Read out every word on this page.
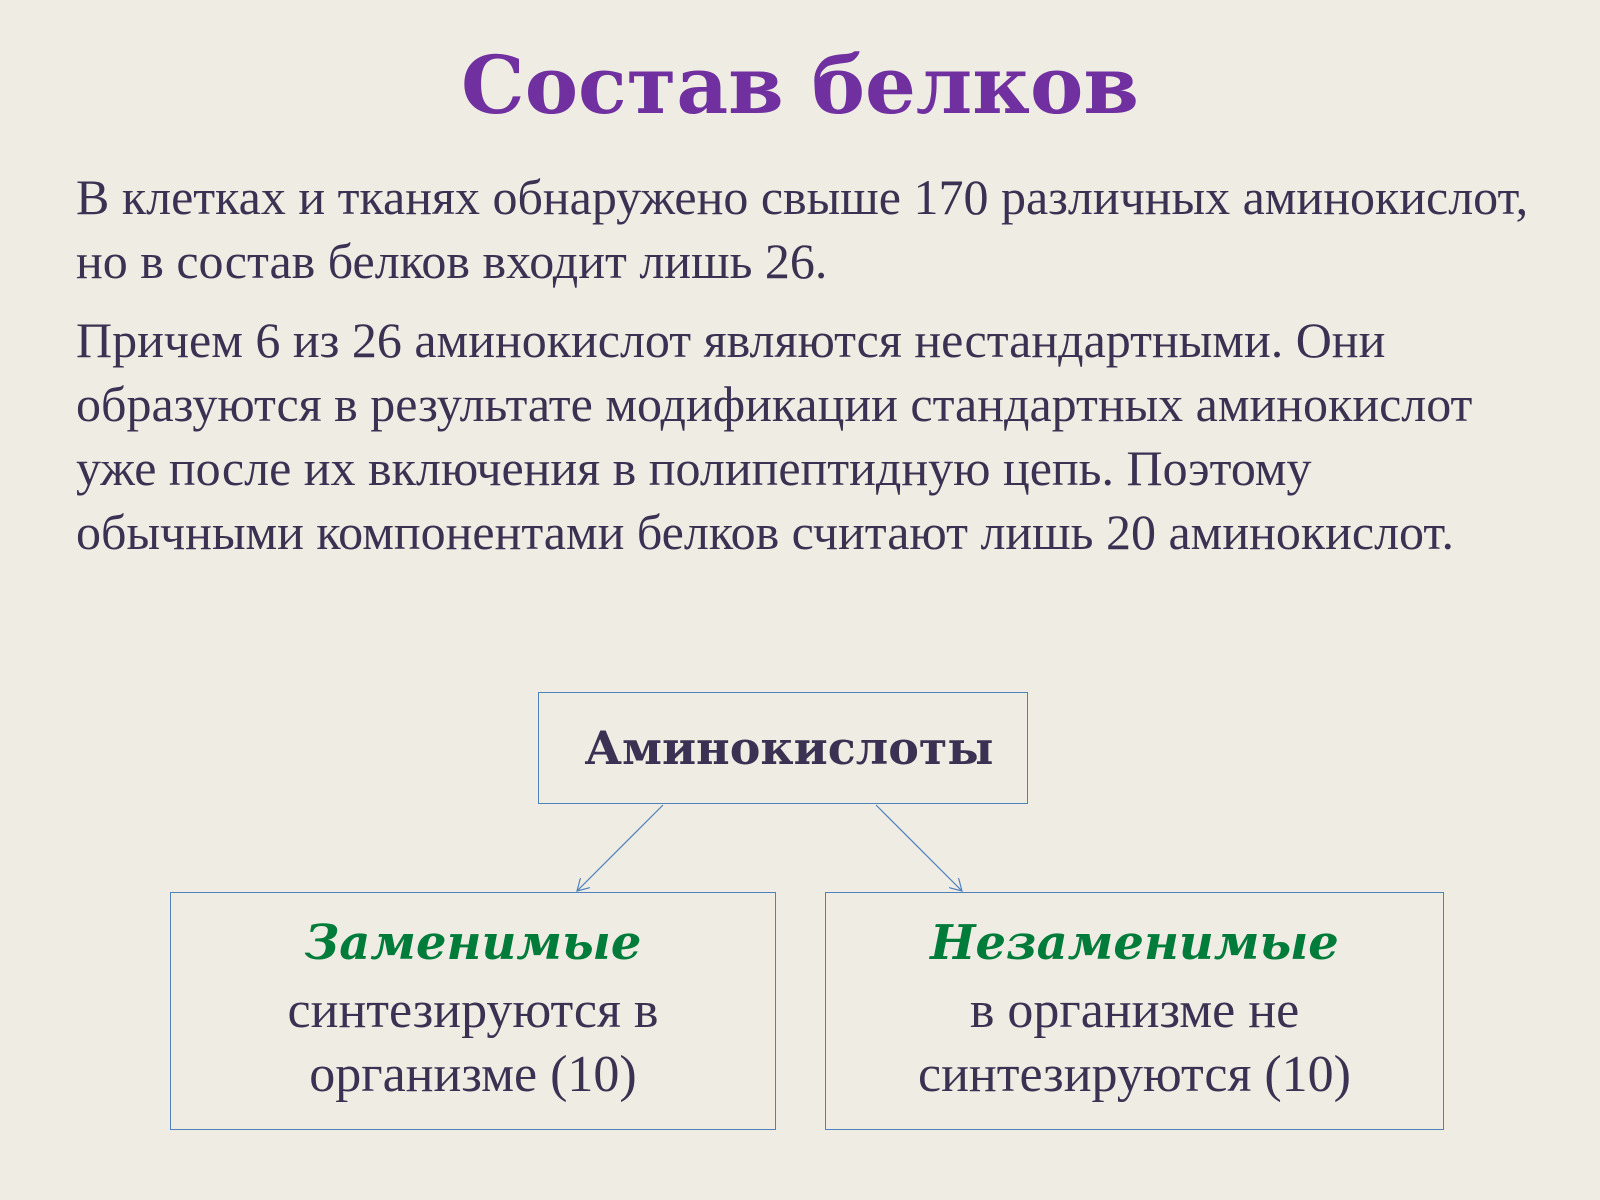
Состав белков

В клетках и тканях обнаружено свыше 170 различных аминокислот, но в состав белков входит лишь 26.

Причем 6 из 26 аминокислот являются нестандартными. Они образуются в результате модификации стандартных аминокислот уже после их включения в полипептидную цепь. Поэтому обычными компонентами белков считают лишь 20 аминокислот.

Аминокислоты
Заменимые
синтезируются в организме (10)
Незаменимые
в организме не синтезируются (10)
